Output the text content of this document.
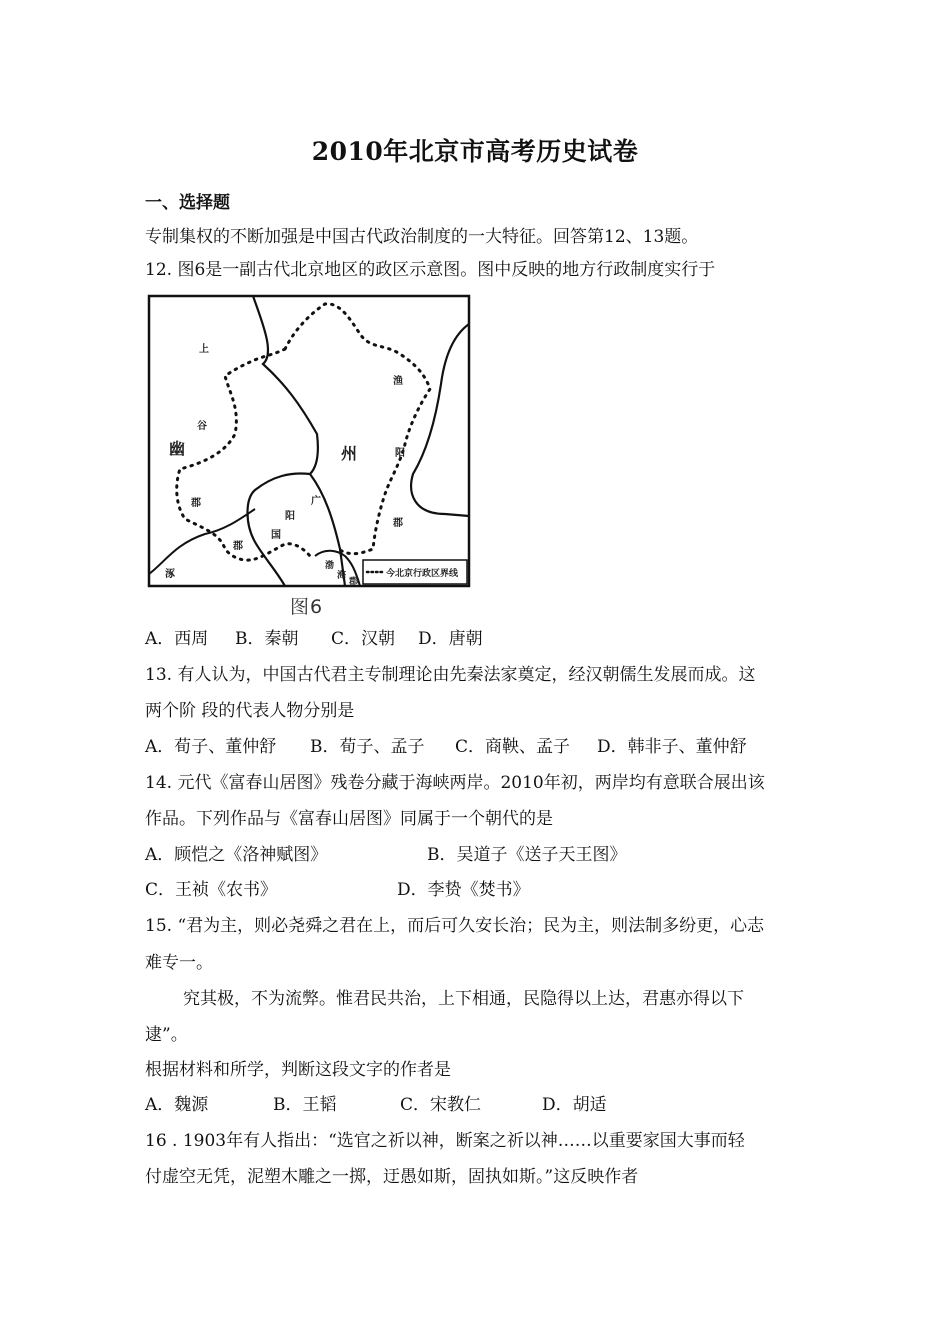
2010年北京市高考历史试卷
一、选择题
专制集权的不断加强是中国古代政治制度的一大特征。回答第12、13题。
12. 图6是一副古代北京地区的政区示意图。图中反映的地方行政制度实行于
今北京行政区界线
上
谷
幽
郡
渔
阳
州
郡
广
阳
国
郡
涿
渤
海
郡
图6
A．西周 B．秦朝 C．汉朝 D．唐朝
13. 有人认为，中国古代君主专制理论由先秦法家奠定，经汉朝儒生发展而成。这
两个阶 段的代表人物分别是
A．荀子、董仲舒 B．荀子、孟子 C．商鞅、孟子 D．韩非子、董仲舒
14. 元代《富春山居图》残卷分藏于海峡两岸。2010年初，两岸均有意联合展出该
作品。下列作品与《富春山居图》同属于一个朝代的是
A．顾恺之《洛神赋图》	B．吴道子《送子天王图》
C．王祯《农书》	D．李贽《焚书》
15. “君为主，则必尧舜之君在上，而后可久安长治；民为主，则法制多纷更，心志
难专一。
究其极，不为流弊。惟君民共治，上下相通，民隐得以上达，君惠亦得以下
逮”。
根据材料和所学，判断这段文字的作者是
A．魏源	B．王韬	C．宋教仁	D．胡适
16 . 1903年有人指出：“选官之祈以神，断案之祈以神……以重要家国大事而轻
付虚空无凭，泥塑木雕之一掷，迂愚如斯，固执如斯。”这反映作者
